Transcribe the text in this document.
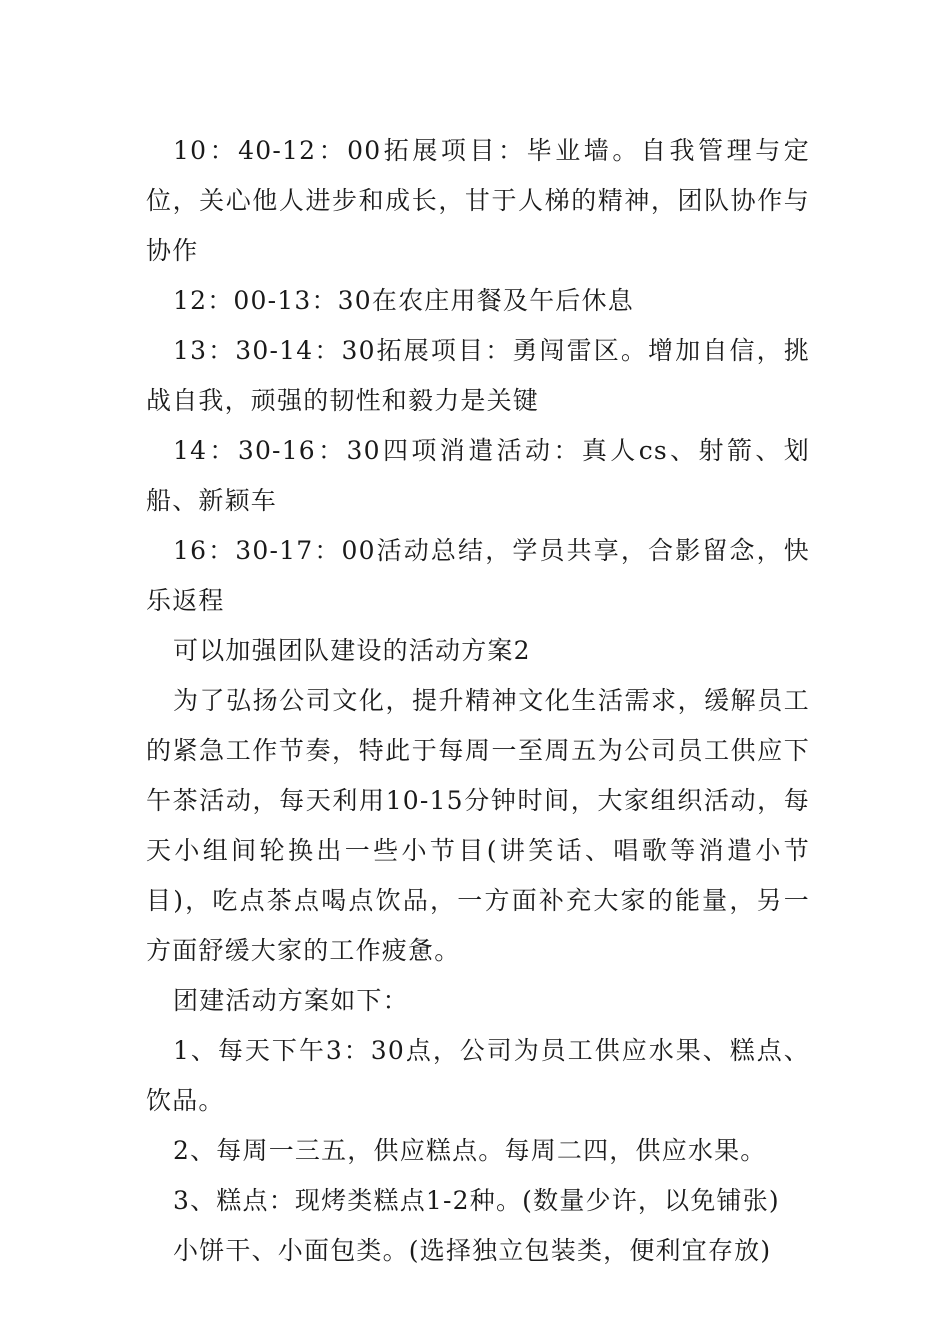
10：40-12：00拓展项目：毕业墙。自我管理与定位，关心他人进步和成长，甘于人梯的精神，团队协作与协作

12：00-13：30在农庄用餐及午后休息

13：30-14：30拓展项目：勇闯雷区。增加自信，挑战自我，顽强的韧性和毅力是关键

14：30-16：30四项消遣活动：真人cs、射箭、划船、新颖车

16：30-17：00活动总结，学员共享，合影留念，快乐返程

可以加强团队建设的活动方案2

为了弘扬公司文化，提升精神文化生活需求，缓解员工的紧急工作节奏，特此于每周一至周五为公司员工供应下午茶活动，每天利用10-15分钟时间，大家组织活动，每天小组间轮换出一些小节目(讲笑话、唱歌等消遣小节目)，吃点茶点喝点饮品，一方面补充大家的能量，另一方面舒缓大家的工作疲惫。

团建活动方案如下：

1、每天下午3：30点，公司为员工供应水果、糕点、饮品。

2、每周一三五，供应糕点。每周二四，供应水果。

3、糕点：现烤类糕点1-2种。(数量少许，以免铺张)

小饼干、小面包类。(选择独立包装类，便利宜存放)
